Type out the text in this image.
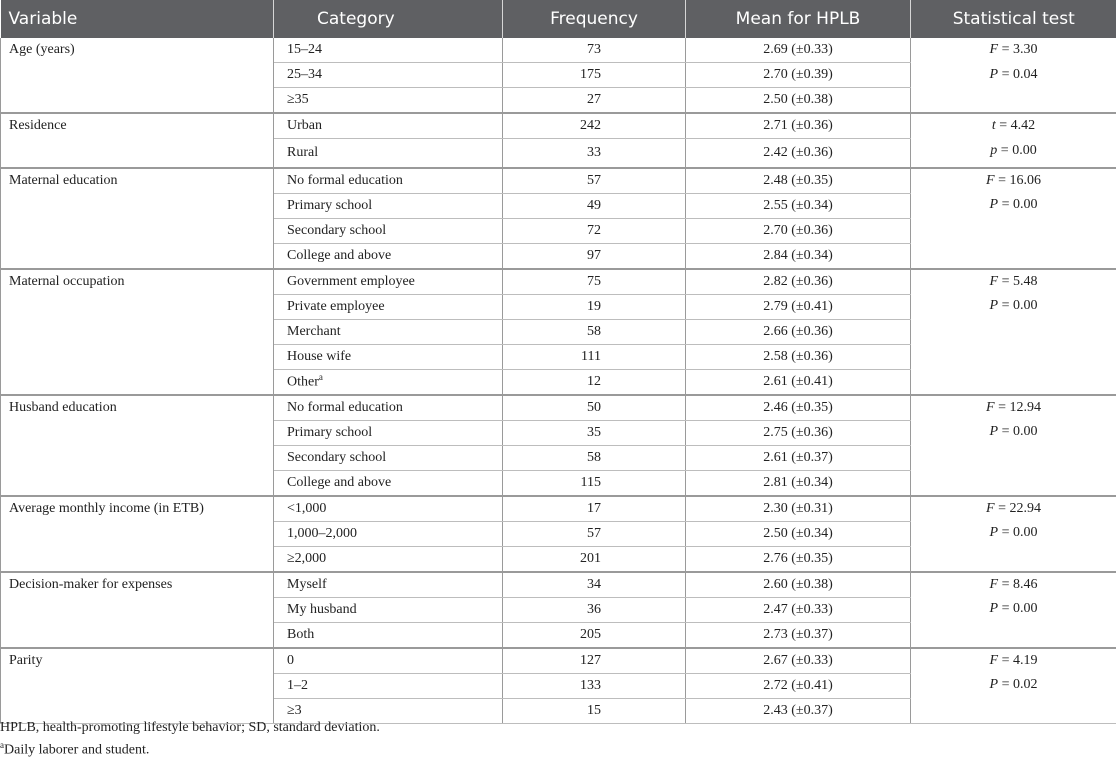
Variable	Category	Frequency	Mean for HPLB	Statistical test
Age (years)	15–24	73	2.69 (±0.33)	F = 3.30
	25–34	175	2.70 (±0.39)	P = 0.04
	≥35	27	2.50 (±0.38)	
Residence	Urban	242	2.71 (±0.36)	t = 4.42
	Rural	33	2.42 (±0.36)	p = 0.00
Maternal education	No formal education	57	2.48 (±0.35)	F = 16.06
	Primary school	49	2.55 (±0.34)	P = 0.00
	Secondary school	72	2.70 (±0.36)	
	College and above	97	2.84 (±0.34)	
Maternal occupation	Government employee	75	2.82 (±0.36)	F = 5.48
	Private employee	19	2.79 (±0.41)	P = 0.00
	Merchant	58	2.66 (±0.36)	
	House wife	111	2.58 (±0.36)	
	Other$^a$	12	2.61 (±0.41)	
Husband education	No formal education	50	2.46 (±0.35)	F = 12.94
	Primary school	35	2.75 (±0.36)	P = 0.00
	Secondary school	58	2.61 (±0.37)	
	College and above	115	2.81 (±0.34)	
Average monthly income (in ETB)	<1,000	17	2.30 (±0.31)	F = 22.94
	1,000–2,000	57	2.50 (±0.34)	P = 0.00
	≥2,000	201	2.76 (±0.35)	
Decision-maker for expenses	Myself	34	2.60 (±0.38)	F = 8.46
	My husband	36	2.47 (±0.33)	P = 0.00
	Both	205	2.73 (±0.37)	
Parity	0	127	2.67 (±0.33)	F = 4.19
	1–2	133	2.72 (±0.41)	P = 0.02
	≥3	15	2.43 (±0.37)	
HPLB, health-promoting lifestyle behavior; SD, standard deviation.
$^a$Daily laborer and student.
